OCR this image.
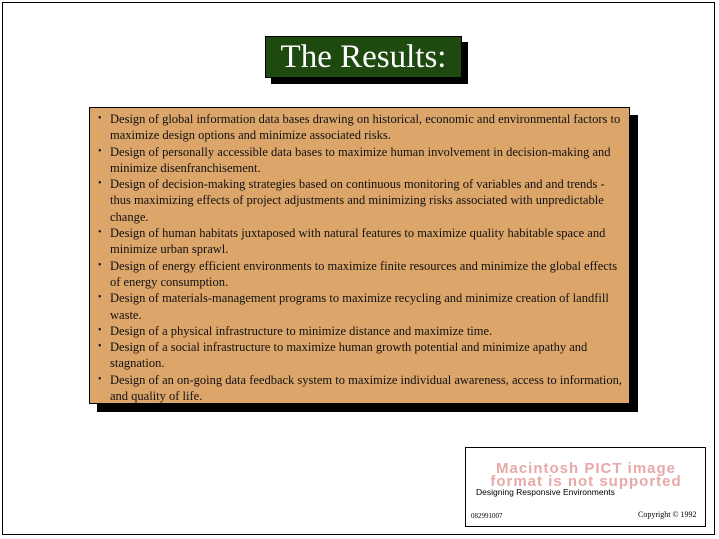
The Results:
• Design of global information data bases drawing on historical, economic and environmental factors to maximize design options and minimize associated risks.
• Design of personally accessible data bases to maximize human involvement in decision-making and minimize disenfranchisement.
• Design of decision-making strategies based on continuous monitoring of variables and and trends - thus maximizing effects of project adjustments and minimizing risks associated with unpredictable change.
• Design of human habitats juxtaposed with natural features to maximize quality habitable space and minimize urban sprawl.
• Design of energy efficient environments to maximize finite resources and minimize the global effects of energy consumption.
• Design of materials-management programs to maximize recycling and minimize creation of landfill waste.
• Design of a physical infrastructure to minimize distance and maximize time.
• Design of a social infrastructure to maximize human growth potential and minimize apathy and stagnation.
• Design of an on-going data feedback system to maximize individual awareness, access to information, and quality of life.
Macintosh PICT image format is not supported
Designing Responsive Environments
082991007	Copyright © 1992
